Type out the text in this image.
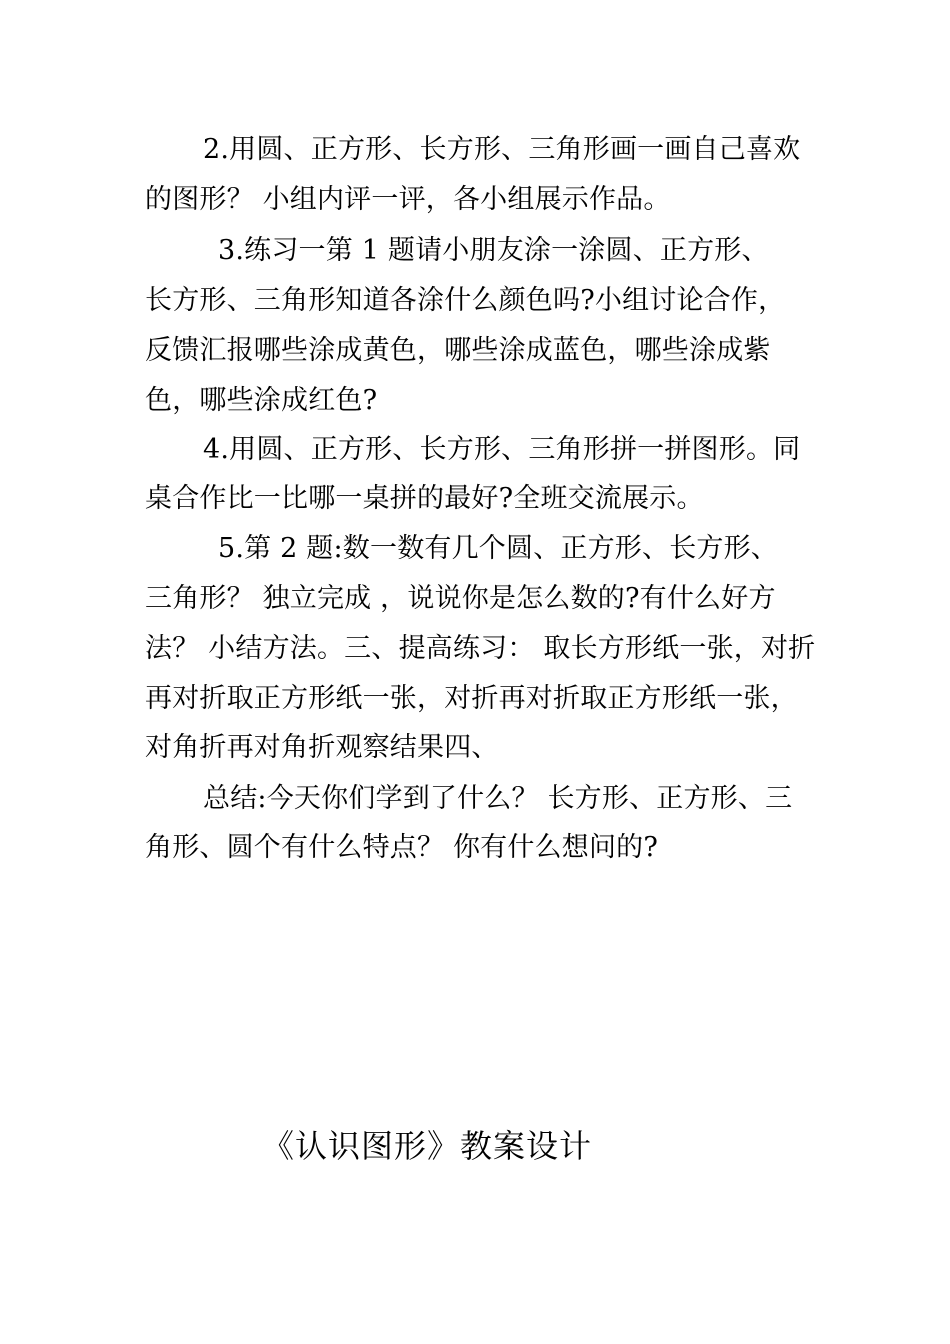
2.用圆、正方形、长方形、三角形画一画自己喜欢
的图形？ 小组内评一评，各小组展示作品。
3.练习一第 1 题请小朋友涂一涂圆、正方形、
长方形、三角形知道各涂什么颜色吗?小组讨论合作，
反馈汇报哪些涂成黄色，哪些涂成蓝色，哪些涂成紫
色，哪些涂成红色?
4.用圆、正方形、长方形、三角形拼一拼图形。同
桌合作比一比哪一桌拼的最好?全班交流展示。
5.第 2 题:数一数有几个圆、正方形、长方形、
三角形？ 独立完成 ，说说你是怎么数的?有什么好方
法？ 小结方法。三、提高练习： 取长方形纸一张，对折
再对折取正方形纸一张，对折再对折取正方形纸一张，
对角折再对角折观察结果四、
总结:今天你们学到了什么？ 长方形、正方形、三
角形、圆个有什么特点？ 你有什么想问的?
《认识图形》教案设计
